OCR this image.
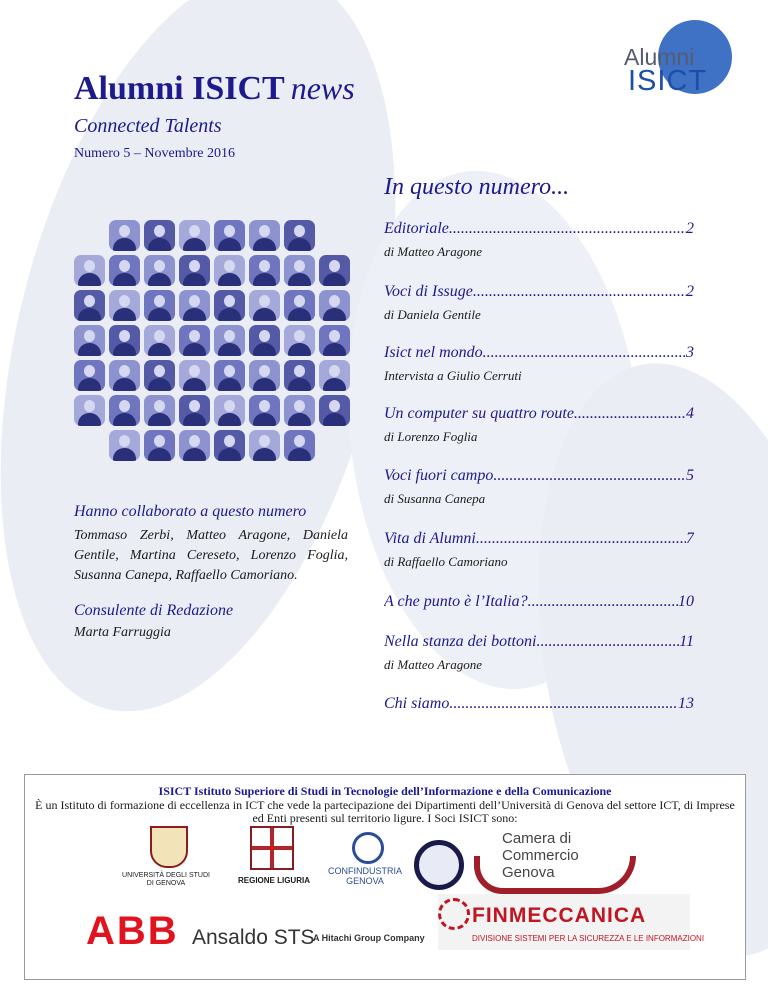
Alumni ISICT news
Connected Talents
Numero 5 – Novembre 2016
Alumni
ISICT
Hanno collaborato a questo numero
Tommaso Zerbi, Matteo Aragone, Daniela Gentile, Martina Cereseto, Lorenzo Foglia, Susanna Canepa, Raffaello Camoriano.
Consulente di Redazione
Marta Farruggia
In questo numero...
Editoriale .....	2
di Matteo Aragone
Voci di Issuge .....	2
di Daniela Gentile
Isict nel mondo .....	3
Intervista a Giulio Cerruti
Un computer su quattro route .....	4
di Lorenzo Foglia
Voci fuori campo .....	5
di Susanna Canepa
Vita di Alumni .....	7
di Raffaello Camoriano
A che punto è l’Italia? .....	10
Nella stanza dei bottoni .....	11
di Matteo Aragone
Chi siamo .....	13
ISICT Istituto Superiore di Studi in Tecnologie dell’Informazione e della Comunicazione
È un Istituto di formazione di eccellenza in ICT che vede la partecipazione dei Dipartimenti dell’Università di Genova del settore ICT, di Imprese ed Enti presenti sul territorio ligure. I Soci ISICT sono:
UNIVERSITÀ DEGLI STUDI DI GENOVA	REGIONE LIGURIA
CONFINDUSTRIA GENOVA
Camera di Commercio Genova
ABB Ansaldo STS
A Hitachi Group Company
FINMECCANICA
DIVISIONE SISTEMI PER LA SICUREZZA E LE INFORMAZIONI
